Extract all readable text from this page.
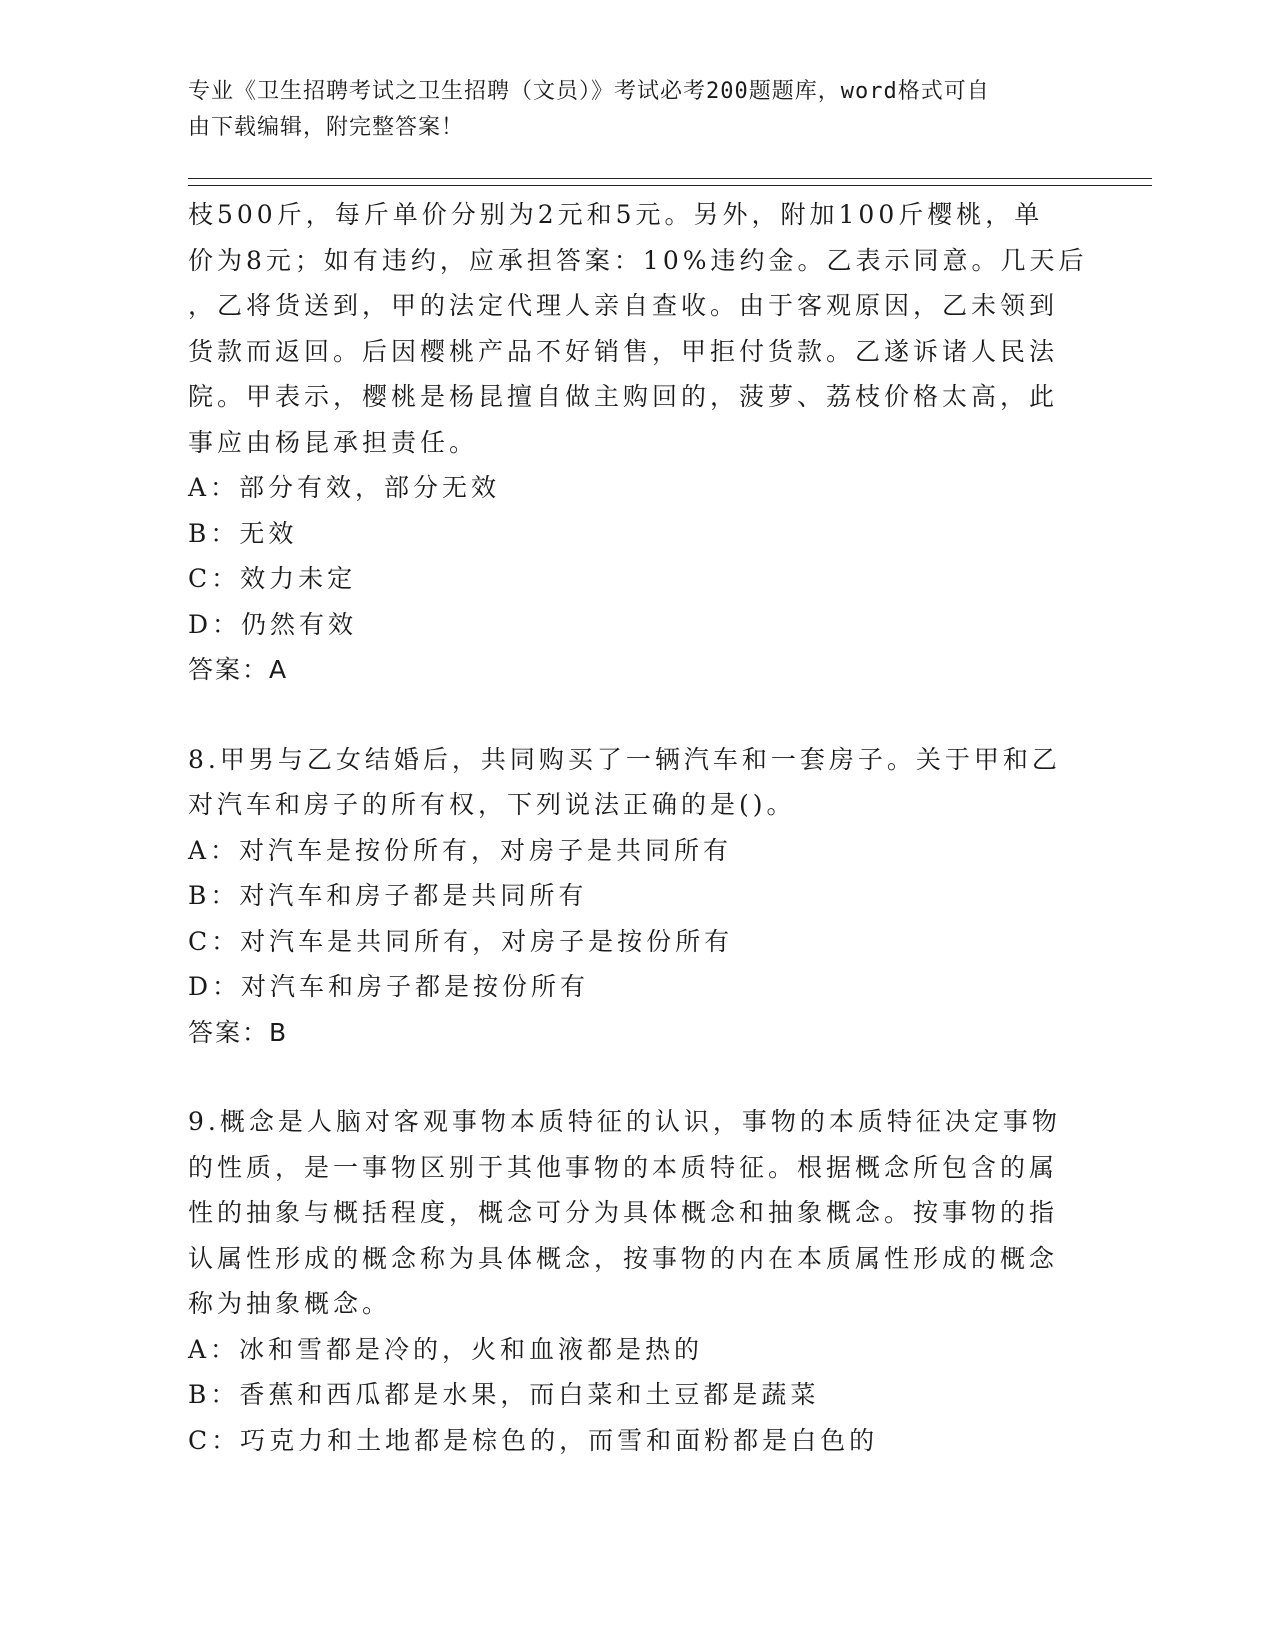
专业《卫生招聘考试之卫生招聘（文员）》考试必考200题题库，word格式可自
由下载编辑，附完整答案！
枝500斤，每斤单价分别为2元和5元。另外，附加100斤樱桃，单
价为8元；如有违约，应承担答案：10%违约金。乙表示同意。几天后
，乙将货送到，甲的法定代理人亲自查收。由于客观原因，乙未领到
货款而返回。后因樱桃产品不好销售，甲拒付货款。乙遂诉诸人民法
院。甲表示，樱桃是杨昆擅自做主购回的，菠萝、荔枝价格太高，此
事应由杨昆承担责任。
A：部分有效，部分无效
B：无效
C：效力未定
D：仍然有效
答案：A
8.甲男与乙女结婚后，共同购买了一辆汽车和一套房子。关于甲和乙
对汽车和房子的所有权，下列说法正确的是()。
A：对汽车是按份所有，对房子是共同所有
B：对汽车和房子都是共同所有
C：对汽车是共同所有，对房子是按份所有
D：对汽车和房子都是按份所有
答案：B
9.概念是人脑对客观事物本质特征的认识，事物的本质特征决定事物
的性质，是一事物区别于其他事物的本质特征。根据概念所包含的属
性的抽象与概括程度，概念可分为具体概念和抽象概念。按事物的指
认属性形成的概念称为具体概念，按事物的内在本质属性形成的概念
称为抽象概念。
A：冰和雪都是冷的，火和血液都是热的
B：香蕉和西瓜都是水果，而白菜和土豆都是蔬菜
C：巧克力和土地都是棕色的，而雪和面粉都是白色的
